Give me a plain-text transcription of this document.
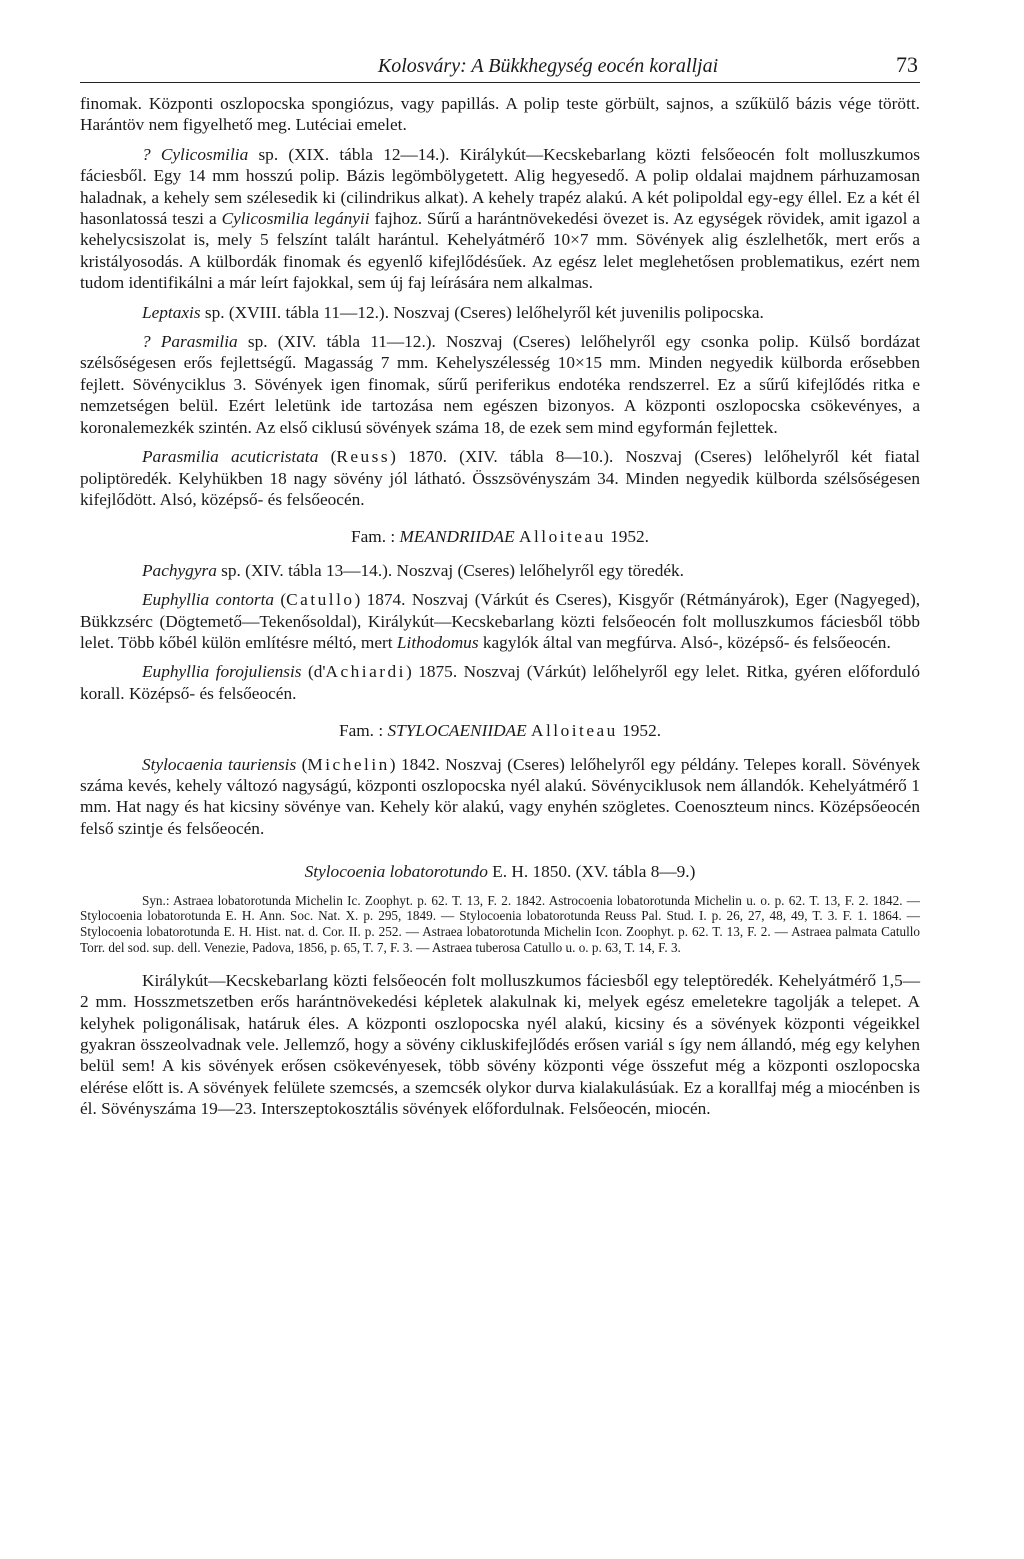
Kolosváry: A Bükkhegység eocén koralljai	73

finomak. Központi oszlopocska spongiózus, vagy papillás. A polip teste görbült, sajnos, a szűkülő bázis vége törött. Harántöv nem figyelhető meg. Lutéciai emelet.

? Cylicosmilia sp. (XIX. tábla 12—14.). Királykút—Kecskebarlang közti felsőeocén folt molluszkumos fáciesből. Egy 14 mm hosszú polip. Bázis legömbölygetett. Alig hegyesedő. A polip oldalai majdnem párhuzamosan haladnak, a kehely sem szélesedik ki (cilindrikus alkat). A kehely trapéz alakú. A két polipoldal egy-egy éllel. Ez a két él hasonlatossá teszi a Cylicosmilia legányii fajhoz. Sűrű a harántnövekedési övezet is. Az egységek rövidek, amit igazol a kehelycsiszolat is, mely 5 felszínt talált harántul. Kehelyátmérő 10×7 mm. Sövények alig észlelhetők, mert erős a kristályosodás. A külbordák finomak és egyenlő kifejlődésűek. Az egész lelet meglehetősen problematikus, ezért nem tudom identifikálni a már leírt fajokkal, sem új faj leírására nem alkalmas.

Leptaxis sp. (XVIII. tábla 11—12.). Noszvaj (Cseres) lelőhelyről két juvenilis polipocska.

? Parasmilia sp. (XIV. tábla 11—12.). Noszvaj (Cseres) lelőhelyről egy csonka polip. Külső bordázat szélsőségesen erős fejlettségű. Magasság 7 mm. Kehelyszélesség 10×15 mm. Minden negyedik külborda erősebben fejlett. Sövényciklus 3. Sövények igen finomak, sűrű periferikus endotéka rendszerrel. Ez a sűrű kifejlődés ritka e nemzetségen belül. Ezért leletünk ide tartozása nem egészen bizonyos. A központi oszlopocska csökevényes, a koronalemezkék szintén. Az első ciklusú sövények száma 18, de ezek sem mind egyformán fejlettek.

Parasmilia acuticristata (Reuss) 1870. (XIV. tábla 8—10.). Noszvaj (Cseres) lelőhelyről két fiatal poliptöredék. Kelyhükben 18 nagy sövény jól látható. Összsövényszám 34. Minden negyedik külborda szélsőségesen kifejlődött. Alsó, középső- és felsőeocén.

Fam. : MEANDRIIDAE Alloiteau 1952.

Pachygyra sp. (XIV. tábla 13—14.). Noszvaj (Cseres) lelőhelyről egy töredék.

Euphyllia contorta (Catullo) 1874. Noszvaj (Várkút és Cseres), Kisgyőr (Rétmányárok), Eger (Nagyeged), Bükkzsérc (Dögtemető—Tekenősoldal), Királykút—Kecskebarlang közti felsőeocén folt molluszkumos fáciesből több lelet. Több kőbél külön említésre méltó, mert Lithodomus kagylók által van megfúrva. Alsó-, középső- és felsőeocén.

Euphyllia forojuliensis (d'Achiardi) 1875. Noszvaj (Várkút) lelőhelyről egy lelet. Ritka, gyéren előforduló korall. Középső- és felsőeocén.

Fam. : STYLOCAENIIDAE Alloiteau 1952.

Stylocaenia tauriensis (Michelin) 1842. Noszvaj (Cseres) lelőhelyről egy példány. Telepes korall. Sövények száma kevés, kehely változó nagyságú, központi oszlopocska nyél alakú. Sövényciklusok nem állandók. Kehelyátmérő 1 mm. Hat nagy és hat kicsiny sövénye van. Kehely kör alakú, vagy enyhén szögletes. Coenoszteum nincs. Középsőeocén felső szintje és felsőeocén.

Stylocoenia lobatorotundo E. H. 1850. (XV. tábla 8—9.)

Syn.: Astraea lobatorotunda Michelin Ic. Zoophyt. p. 62. T. 13, F. 2. 1842. Astrocoenia lobatorotunda Michelin u. o. p. 62. T. 13, F. 2. 1842. — Stylocoenia lobatorotunda E. H. Ann. Soc. Nat. X. p. 295, 1849. — Stylocoenia lobatorotunda Reuss Pal. Stud. I. p. 26, 27, 48, 49, T. 3. F. 1. 1864. — Stylocoenia lobatorotunda E. H. Hist. nat. d. Cor. II. p. 252. — Astraea lobatorotunda Michelin Icon. Zoophyt. p. 62. T. 13, F. 2. — Astraea palmata Catullo Torr. del sod. sup. dell. Venezie, Padova, 1856, p. 65, T. 7, F. 3. — Astraea tuberosa Catullo u. o. p. 63, T. 14, F. 3.

Királykút—Kecskebarlang közti felsőeocén folt molluszkumos fáciesből egy teleptöredék. Kehelyátmérő 1,5—2 mm. Hosszmetszetben erős harántnövekedési képletek alakulnak ki, melyek egész emeletekre tagolják a telepet. A kelyhek poligonálisak, határuk éles. A központi oszlopocska nyél alakú, kicsiny és a sövények központi végeikkel gyakran összeolvadnak vele. Jellemző, hogy a sövény cikluskifejlődés erősen variál s így nem állandó, még egy kelyhen belül sem! A kis sövények erősen csökevényesek, több sövény központi vége összefut még a központi oszlopocska elérése előtt is. A sövények felülete szemcsés, a szemcsék olykor durva kialakulásúak. Ez a korallfaj még a miocénben is él. Sövényszáma 19—23. Interszeptokosztális sövények előfordulnak. Felsőeocén, miocén.
